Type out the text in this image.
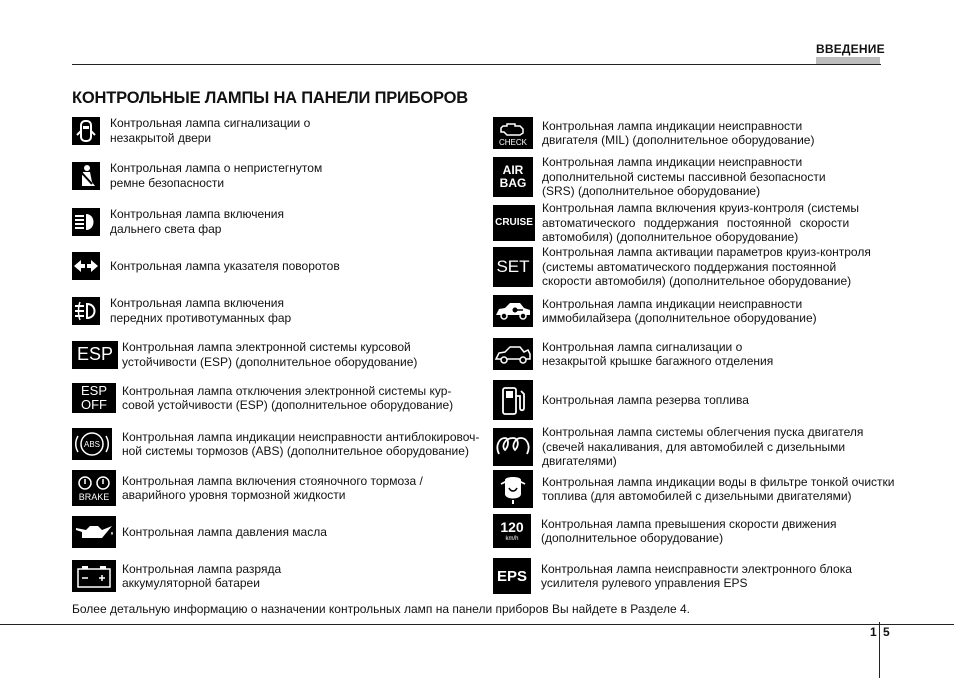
ВВЕДЕНИЕ
КОНТРОЛЬНЫЕ ЛАМПЫ НА ПАНЕЛИ ПРИБОРОВ
Контрольная лампа сигнализации о
незакрытой двери
Контрольная лампа о непристегнутом
ремне безопасности
Контрольная лампа включения
дальнего света фар
Контрольная лампа указателя поворотов
Контрольная лампа включения
передних противотуманных фар
ESP Контрольная лампа электронной системы курсовой
устойчивости (ESP) (дополнительное оборудование)
ESP
OFF
Контрольная лампа отключения электронной системы кур-
совой устойчивости (ESP) (дополнительное оборудование)
ABS
Контрольная лампа индикации неисправности антиблокировоч-
ной системы тормозов (ABS) (дополнительное оборудование)
BRAKE
Контрольная лампа включения стояночного тормоза /
аварийного уровня тормозной жидкости
Контрольная лампа давления масла
Контрольная лампа разряда
аккумуляторной батареи
CHECK
Контрольная лампа индикации неисправности
двигателя (MIL) (дополнительное оборудование)
AIR
BAG
Контрольная лампа индикации неисправности
дополнительной системы пассивной безопасности
(SRS) (дополнительное оборудование)
CRUISE
Контрольная лампа включения круиз-контроля (системы
автоматического поддержания постоянной скорости
автомобиля) (дополнительное оборудование)
SET
Контрольная лампа активации параметров круиз-контроля
(системы автоматического поддержания постоянной
скорости автомобиля) (дополнительное оборудование)
Контрольная лампа индикации неисправности
иммобилайзера (дополнительное оборудование)
Контрольная лампа сигнализации о
незакрытой крышке багажного отделения
Контрольная лампа резерва топлива
Контрольная лампа системы облегчения пуска двигателя
(свечей накаливания, для автомобилей с дизельными
двигателями)
Контрольная лампа индикации воды в фильтре тонкой очистки
топлива (для автомобилей с дизельными двигателями)
120
km/h
Контрольная лампа превышения скорости движения
(дополнительное оборудование)
EPS	Контрольная лампа неисправности электронного блока
усилителя рулевого управления EPS
Более детальную информацию о назначении контрольных ламп на панели приборов Вы найдете в Разделе 4.
1 5
